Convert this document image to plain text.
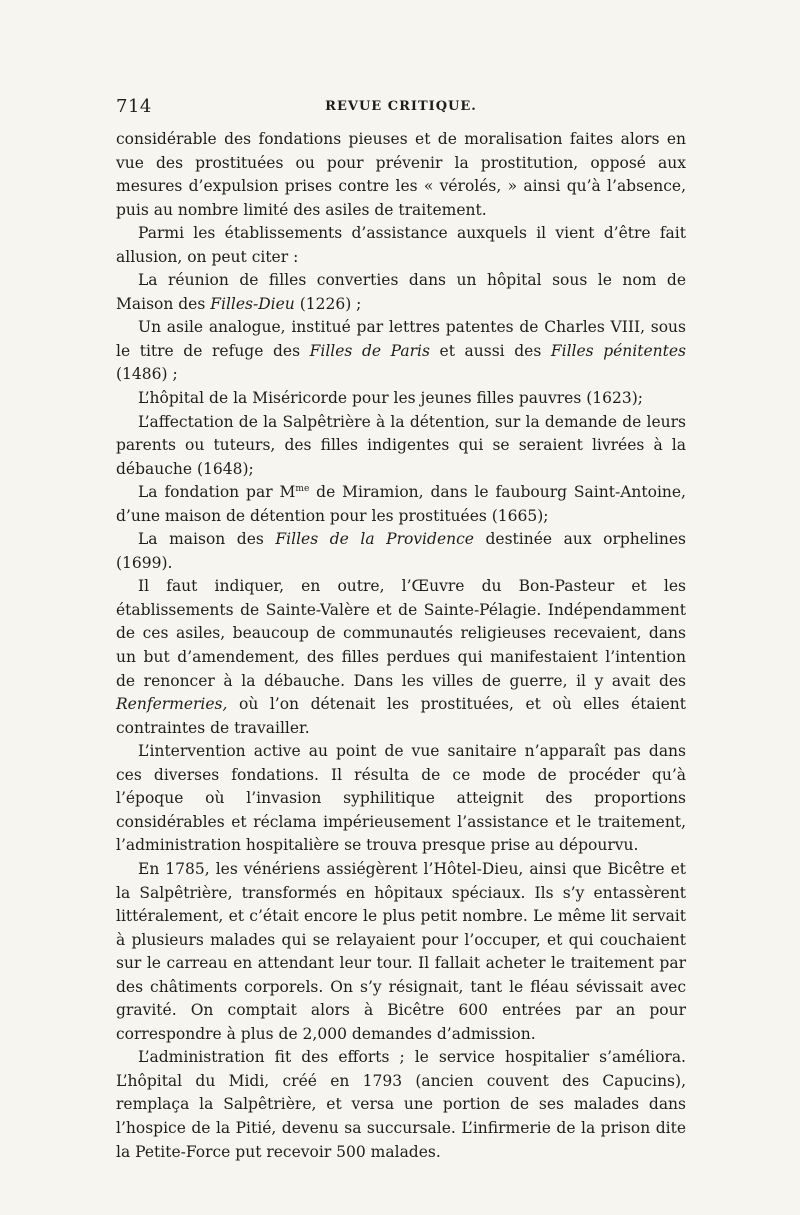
714	REVUE CRITIQUE.

considérable des fondations pieuses et de moralisation faites alors en vue des prostituées ou pour prévenir la prostitution, opposé aux mesures d’expulsion prises contre les « vérolés, » ainsi qu’à l’absence, puis au nombre limité des asiles de traitement.

Parmi les établissements d’assistance auxquels il vient d’être fait allusion, on peut citer :

La réunion de filles converties dans un hôpital sous le nom de Maison des Filles-Dieu (1226) ;

Un asile analogue, institué par lettres patentes de Charles VIII, sous le titre de refuge des Filles de Paris et aussi des Filles pénitentes (1486) ;

L’hôpital de la Miséricorde pour les jeunes filles pauvres (1623);

L’affectation de la Salpêtrière à la détention, sur la demande de leurs parents ou tuteurs, des filles indigentes qui se seraient livrées à la débauche (1648);

La fondation par $M^{me}$ de Miramion, dans le faubourg Saint-Antoine, d’une maison de détention pour les prostituées (1665);

La maison des Filles de la Providence destinée aux orphelines (1699).

Il faut indiquer, en outre, l’Œuvre du Bon-Pasteur et les établissements de Sainte-Valère et de Sainte-Pélagie. Indépendamment de ces asiles, beaucoup de communautés religieuses recevaient, dans un but d’amendement, des filles perdues qui manifestaient l’intention de renoncer à la débauche. Dans les villes de guerre, il y avait des Renfermeries, où l’on détenait les prostituées, et où elles étaient contraintes de travailler.

L’intervention active au point de vue sanitaire n’apparaît pas dans ces diverses fondations. Il résulta de ce mode de procéder qu’à l’époque où l’invasion syphilitique atteignit des proportions considérables et réclama impérieusement l’assistance et le traitement, l’administration hospitalière se trouva presque prise au dépourvu.

En 1785, les vénériens assiégèrent l’Hôtel-Dieu, ainsi que Bicêtre et la Salpêtrière, transformés en hôpitaux spéciaux. Ils s’y entassèrent littéralement, et c’était encore le plus petit nombre. Le même lit servait à plusieurs malades qui se relayaient pour l’occuper, et qui couchaient sur le carreau en attendant leur tour. Il fallait acheter le traitement par des châtiments corporels. On s’y résignait, tant le fléau sévissait avec gravité. On comptait alors à Bicêtre 600 entrées par an pour correspondre à plus de 2,000 demandes d’admission.

L’administration fit des efforts ; le service hospitalier s’améliora. L’hôpital du Midi, créé en 1793 (ancien couvent des Capucins), remplaça la Salpêtrière, et versa une portion de ses malades dans l’hospice de la Pitié, devenu sa succursale. L’infirmerie de la prison dite la Petite-Force put recevoir 500 malades.
